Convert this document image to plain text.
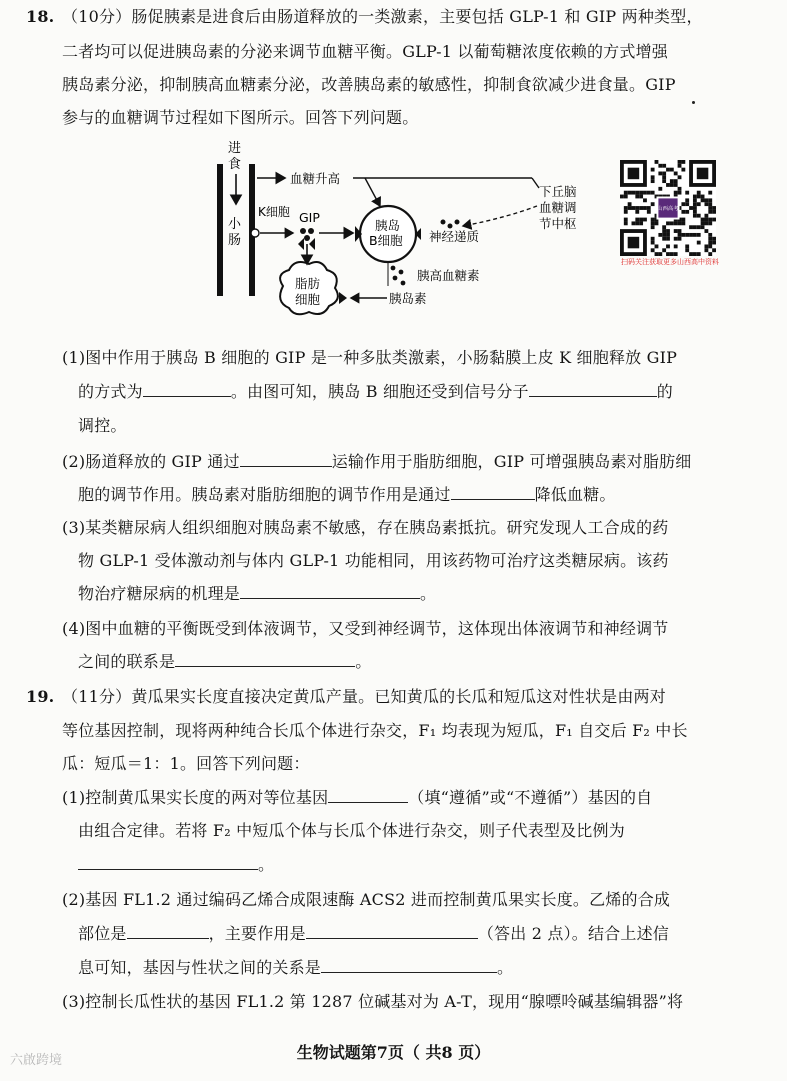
18. （10分）肠促胰素是进食后由肠道释放的一类激素，主要包括 GLP-1 和 GIP 两种类型，
二者均可以促进胰岛素的分泌来调节血糖平衡。GLP-1 以葡萄糖浓度依赖的方式增强
胰岛素分泌，抑制胰高血糖素分泌，改善胰岛素的敏感性，抑制食欲减少进食量。GIP
参与的血糖调节过程如下图所示。回答下列问题。
进
食
小
肠
K细胞
血糖升高
GIP
胰岛
B细胞 神经递质
胰高血糖素
胰岛素
脂肪
细胞
下丘脑
血糖调
节中枢
山西高考
扫码关注获取更多山西高中资料
(1)图中作用于胰岛 B 细胞的 GIP 是一种多肽类激素，小肠黏膜上皮 K 细胞释放 GIP
的方式为	。由图可知，胰岛 B 细胞还受到信号分子	的
调控。
(2)肠道释放的 GIP 通过	运输作用于脂肪细胞，GIP 可增强胰岛素对脂肪细
胞的调节作用。胰岛素对脂肪细胞的调节作用是通过	降低血糖。
(3)某类糖尿病人组织细胞对胰岛素不敏感，存在胰岛素抵抗。研究发现人工合成的药
物 GLP-1 受体激动剂与体内 GLP-1 功能相同，用该药物可治疗这类糖尿病。该药
物治疗糖尿病的机理是	。
(4)图中血糖的平衡既受到体液调节，又受到神经调节，这体现出体液调节和神经调节
之间的联系是	。
19. （11分）黄瓜果实长度直接决定黄瓜产量。已知黄瓜的长瓜和短瓜这对性状是由两对
等位基因控制，现将两种纯合长瓜个体进行杂交，F₁ 均表现为短瓜，F₁ 自交后 F₂ 中长
瓜：短瓜＝1：1。回答下列问题：
(1)控制黄瓜果实长度的两对等位基因	（填“遵循”或“不遵循”）基因的自
由组合定律。若将 F₂ 中短瓜个体与长瓜个体进行杂交，则子代表型及比例为
。
(2)基因 FL1.2 通过编码乙烯合成限速酶 ACS2 进而控制黄瓜果实长度。乙烯的合成
部位是	，主要作用是	（答出 2 点）。结合上述信
息可知，基因与性状之间的关系是	。
(3)控制长瓜性状的基因 FL1.2 第 1287 位碱基对为 A-T，现用“腺嘌呤碱基编辑器”将
生物试题第7页（ 共8 页）
六啟跨境
